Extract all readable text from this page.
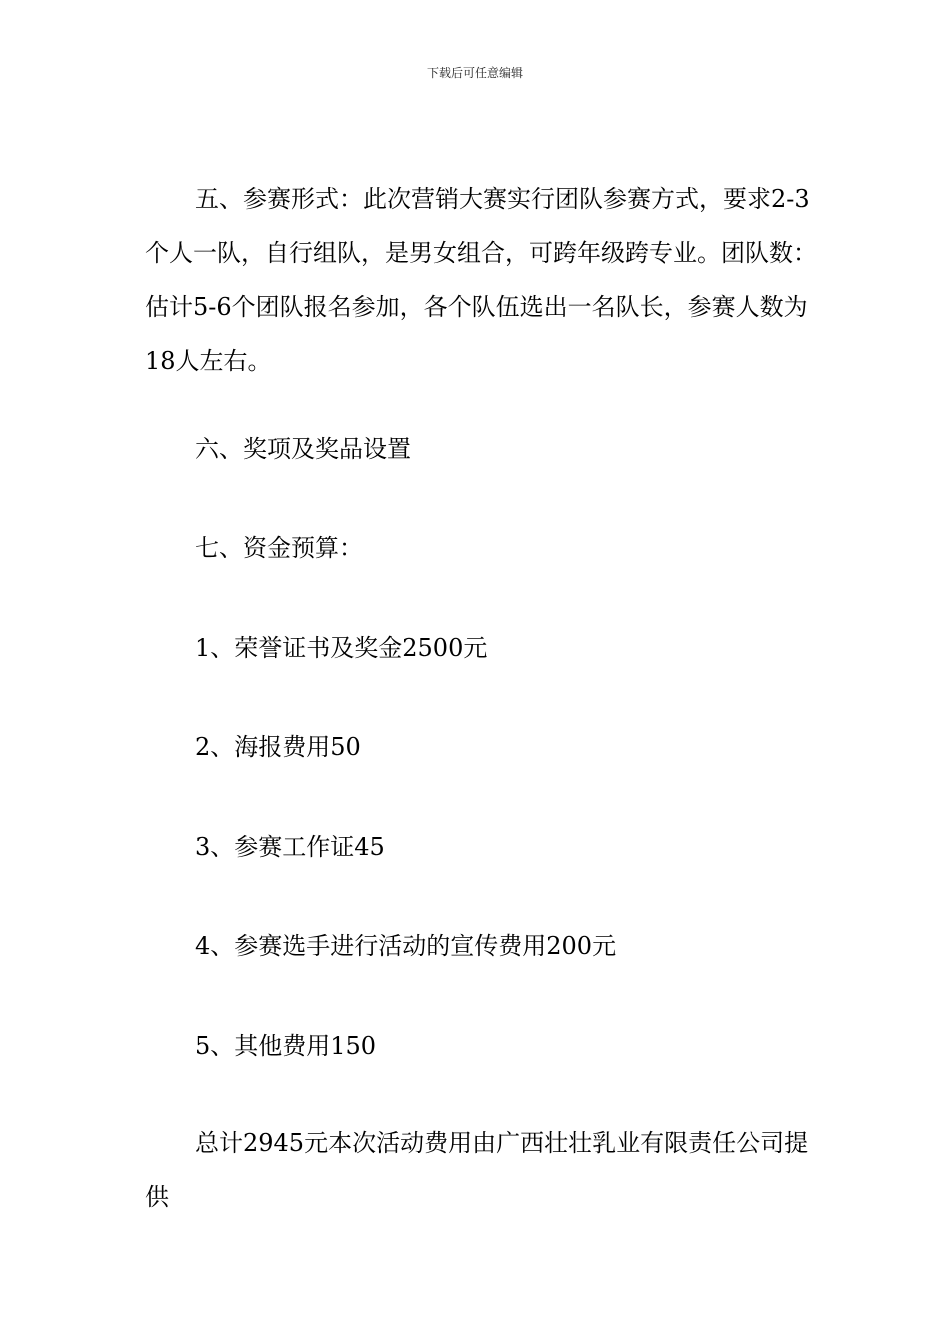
下载后可任意编辑

五、参赛形式：此次营销大赛实行团队参赛方式，要求2-3个人一队，自行组队，是男女组合，可跨年级跨专业。团队数：估计5-6个团队报名参加，各个队伍选出一名队长，参赛人数为18人左右。

六、奖项及奖品设置

七、资金预算：

1、荣誉证书及奖金2500元

2、海报费用50

3、参赛工作证45

4、参赛选手进行活动的宣传费用200元

5、其他费用150

总计2945元本次活动费用由广西壮壮乳业有限责任公司提供
